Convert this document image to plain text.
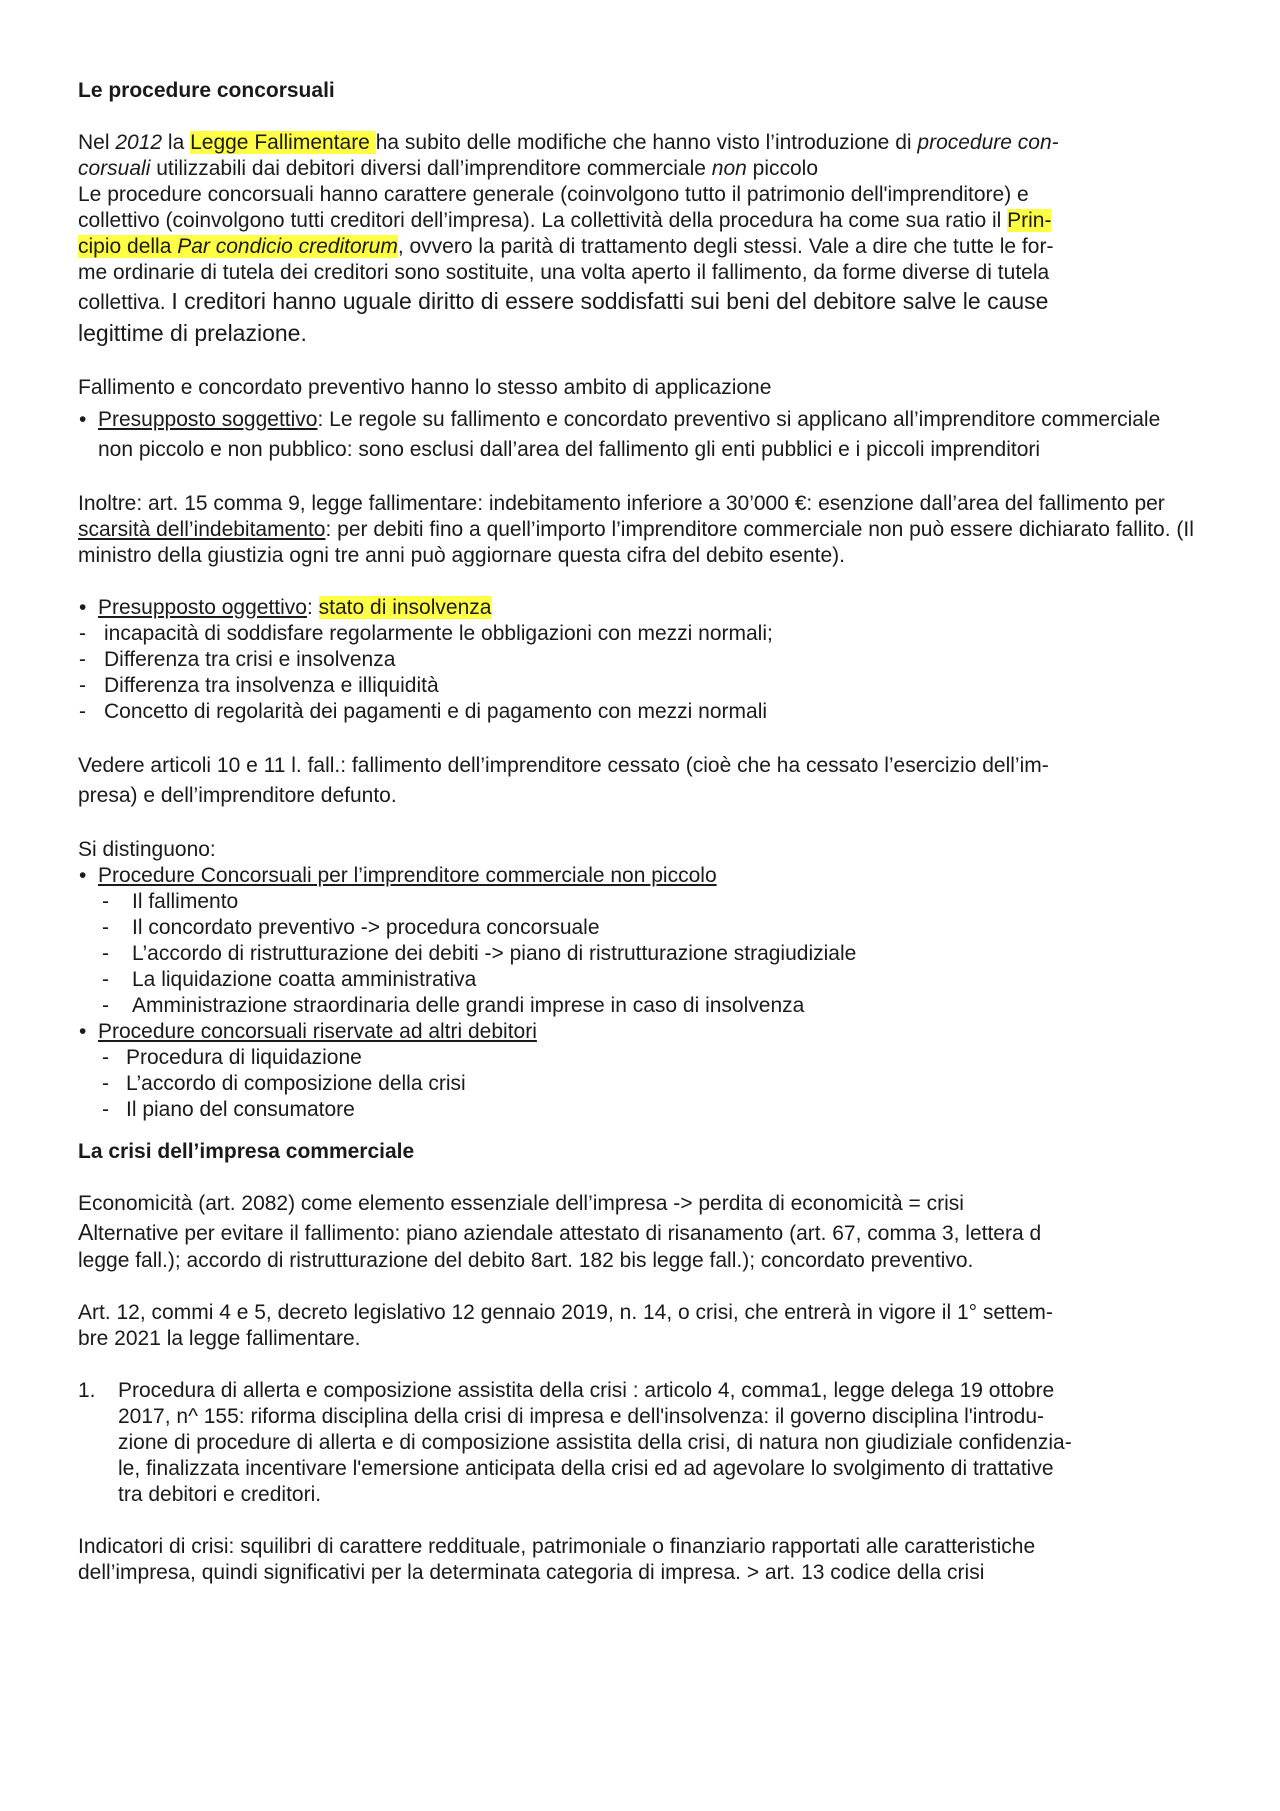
Le procedure concorsuali

Nel 2012 la Legge Fallimentare ha subito delle modifiche che hanno visto l’introduzione di procedure con-

corsuali utilizzabili dai debitori diversi dall’imprenditore commerciale non piccolo

Le procedure concorsuali hanno carattere generale (coinvolgono tutto il patrimonio dell'imprenditore) e

collettivo (coinvolgono tutti creditori dell’impresa). La collettività della procedura ha come sua ratio il Prin-

cipio della Par condicio creditorum, ovvero la parità di trattamento degli stessi. Vale a dire che tutte le for-

me ordinarie di tutela dei creditori sono sostituite, una volta aperto il fallimento, da forme diverse di tutela

collettiva. I creditori hanno uguale diritto di essere soddisfatti sui beni del debitore salve le cause

legittime di prelazione.

Fallimento e concordato preventivo hanno lo stesso ambito di applicazione

• Presupposto soggettivo: Le regole su fallimento e concordato preventivo si applicano all’imprenditore commerciale non piccolo e non pubblico: sono esclusi dall’area del fallimento gli enti pubblici e i piccoli imprenditori

Inoltre: art. 15 comma 9, legge fallimentare: indebitamento inferiore a 30’000 €: esenzione dall’area del fallimento per scarsità dell’indebitamento: per debiti fino a quell’importo l’imprenditore commerciale non può essere dichiarato fallito. (Il ministro della giustizia ogni tre anni può aggiornare questa cifra del debito esente).

• Presupposto oggettivo: stato di insolvenza
- incapacità di soddisfare regolarmente le obbligazioni con mezzi normali;
- Differenza tra crisi e insolvenza
- Differenza tra insolvenza e illiquidità
- Concetto di regolarità dei pagamenti e di pagamento con mezzi normali

Vedere articoli 10 e 11 l. fall.: fallimento dell’imprenditore cessato (cioè che ha cessato l’esercizio dell’im-

presa) e dell’imprenditore defunto.

Si distinguono:

• Procedure Concorsuali per l’imprenditore commerciale non piccolo
- Il fallimento
- Il concordato preventivo -> procedura concorsuale
- L’accordo di ristrutturazione dei debiti -> piano di ristrutturazione stragiudiziale
- La liquidazione coatta amministrativa
- Amministrazione straordinaria delle grandi imprese in caso di insolvenza
• Procedure concorsuali riservate ad altri debitori
- Procedura di liquidazione
- L’accordo di composizione della crisi
- Il piano del consumatore
La crisi dell’impresa commerciale

Economicità (art. 2082) come elemento essenziale dell’impresa -> perdita di economicità = crisi

Alternative per evitare il fallimento: piano aziendale attestato di risanamento (art. 67, comma 3, lettera d

legge fall.); accordo di ristrutturazione del debito 8art. 182 bis legge fall.); concordato preventivo.

Art. 12, commi 4 e 5, decreto legislativo 12 gennaio 2019, n. 14, o crisi, che entrerà in vigore il 1° settem-

bre 2021 la legge fallimentare.

1. Procedura di allerta e composizione assistita della crisi : articolo 4, comma1, legge delega 19 ottobre

2017, n^ 155: riforma disciplina della crisi di impresa e dell'insolvenza: il governo disciplina l'introdu-

zione di procedure di allerta e di composizione assistita della crisi, di natura non giudiziale confidenzia-

le, finalizzata incentivare l'emersione anticipata della crisi ed ad agevolare lo svolgimento di trattative

tra debitori e creditori.

Indicatori di crisi: squilibri di carattere reddituale, patrimoniale o finanziario rapportati alle caratteristiche

dell’impresa, quindi significativi per la determinata categoria di impresa. > art. 13 codice della crisi
